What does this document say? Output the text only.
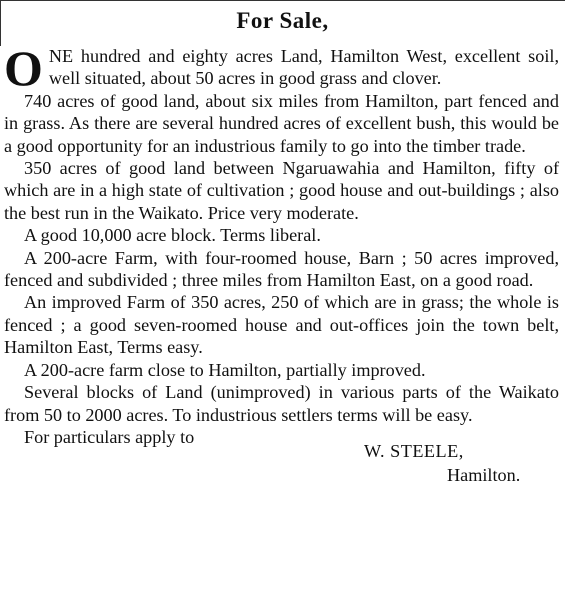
For Sale,

ONE hundred and eighty acres Land, Hamilton West, excellent soil, well situated, about 50 acres in good grass and clover.

740 acres of good land, about six miles from Hamilton, part fenced and in grass. As there are several hundred acres of excellent bush, this would be a good opportunity for an industrious family to go into the timber trade.

350 acres of good land between Ngaruawahia and Hamilton, fifty of which are in a high state of cultivation ; good house and out-buildings ; also the best run in the Waikato. Price very moderate.

A good 10,000 acre block. Terms liberal.

A 200-acre Farm, with four-roomed house, Barn ; 50 acres improved, fenced and subdivided ; three miles from Hamilton East, on a good road.

An improved Farm of 350 acres, 250 of which are in grass; the whole is fenced ; a good seven-roomed house and out-offices join the town belt, Hamilton East, Terms easy.

A 200-acre farm close to Hamilton, partially improved.

Several blocks of Land (unimproved) in various parts of the Waikato from 50 to 2000 acres. To industrious settlers terms will be easy.

For particulars apply to
W. STEELE,
Hamilton.
